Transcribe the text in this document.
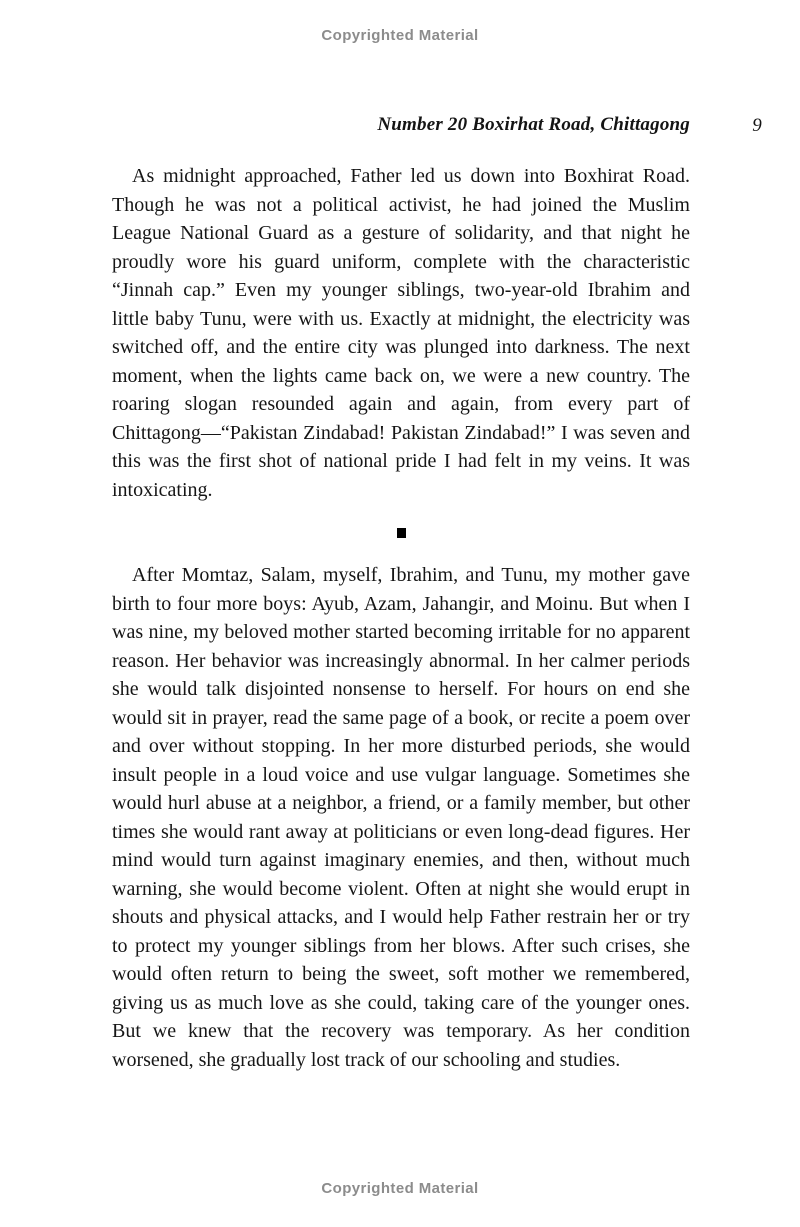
Copyrighted Material
Number 20 Boxirhat Road, Chittagong	9

As midnight approached, Father led us down into Boxhirat Road. Though he was not a political activist, he had joined the Muslim League National Guard as a gesture of solidarity, and that night he proudly wore his guard uniform, complete with the characteristic “Jinnah cap.” Even my younger siblings, two-year-old Ibrahim and little baby Tunu, were with us. Exactly at midnight, the electricity was switched off, and the entire city was plunged into darkness. The next moment, when the lights came back on, we were a new country. The roaring slogan resounded again and again, from every part of Chittagong—“Pakistan Zindabad! Pakistan Zindabad!” I was seven and this was the first shot of national pride I had felt in my veins. It was intoxicating.

After Momtaz, Salam, myself, Ibrahim, and Tunu, my mother gave birth to four more boys: Ayub, Azam, Jahangir, and Moinu. But when I was nine, my beloved mother started becoming irritable for no apparent reason. Her behavior was increasingly abnormal. In her calmer periods she would talk disjointed nonsense to herself. For hours on end she would sit in prayer, read the same page of a book, or recite a poem over and over without stopping. In her more disturbed periods, she would insult people in a loud voice and use vulgar language. Sometimes she would hurl abuse at a neighbor, a friend, or a family member, but other times she would rant away at politicians or even long-dead figures. Her mind would turn against imaginary enemies, and then, without much warning, she would become violent. Often at night she would erupt in shouts and physical attacks, and I would help Father restrain her or try to protect my younger siblings from her blows. After such crises, she would often return to being the sweet, soft mother we remembered, giving us as much love as she could, taking care of the younger ones. But we knew that the recovery was temporary. As her condition worsened, she gradually lost track of our schooling and studies.

Copyrighted Material
